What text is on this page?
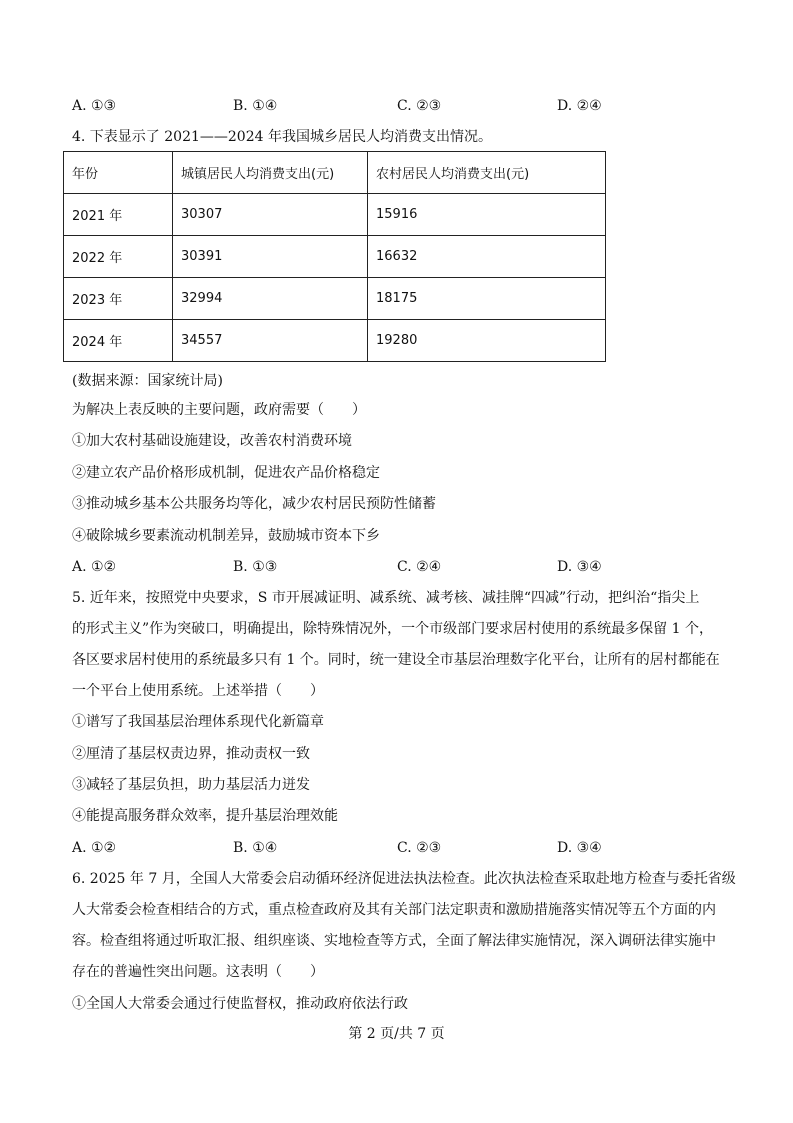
A. ①③	B. ①④	C. ②③	D. ②④
4. 下表显示了 2021——2024 年我国城乡居民人均消费支出情况。
年份	城镇居民人均消费支出(元)	农村居民人均消费支出(元)
2021 年	30307	15916
2022 年	30391	16632
2023 年	32994	18175
2024 年	34557	19280
(数据来源：国家统计局)
为解决上表反映的主要问题，政府需要（　　）
①加大农村基础设施建设，改善农村消费环境
②建立农产品价格形成机制，促进农产品价格稳定
③推动城乡基本公共服务均等化，减少农村居民预防性储蓄
④破除城乡要素流动机制差异，鼓励城市资本下乡
A. ①②	B. ①③	C. ②④	D. ③④
5. 近年来，按照党中央要求，S 市开展减证明、减系统、减考核、减挂牌“四减”行动，把纠治“指尖上
的形式主义”作为突破口，明确提出，除特殊情况外，一个市级部门要求居村使用的系统最多保留 1 个，
各区要求居村使用的系统最多只有 1 个。同时，统一建设全市基层治理数字化平台，让所有的居村都能在
一个平台上使用系统。上述举措（　　）
①谱写了我国基层治理体系现代化新篇章
②厘清了基层权责边界，推动责权一致
③减轻了基层负担，助力基层活力迸发
④能提高服务群众效率，提升基层治理效能
A. ①②	B. ①④	C. ②③	D. ③④
6. 2025 年 7 月，全国人大常委会启动循环经济促进法执法检查。此次执法检查采取赴地方检查与委托省级
人大常委会检查相结合的方式，重点检查政府及其有关部门法定职责和激励措施落实情况等五个方面的内
容。检查组将通过听取汇报、组织座谈、实地检查等方式，全面了解法律实施情况，深入调研法律实施中
存在的普遍性突出问题。这表明（　　）
①全国人大常委会通过行使监督权，推动政府依法行政
第 2 页/共 7 页
